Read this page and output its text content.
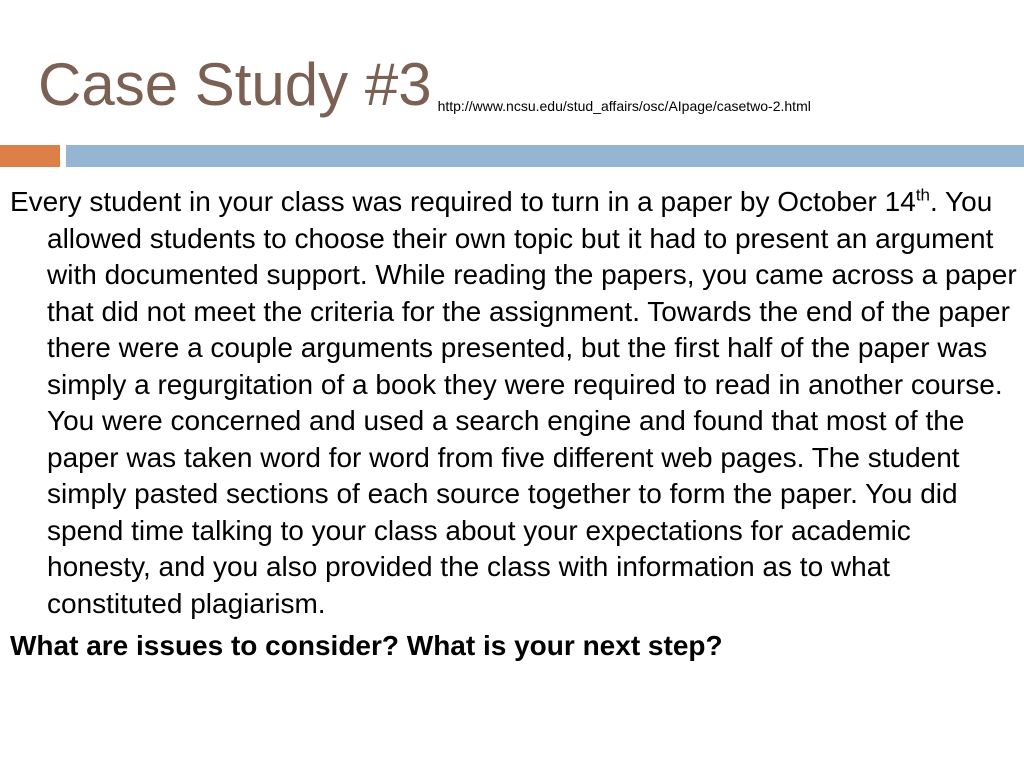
Case Study #3 http://www.ncsu.edu/stud_affairs/osc/AIpage/casetwo-2.html

Every student in your class was required to turn in a paper by October 14th. You allowed students to choose their own topic but it had to present an argument with documented support. While reading the papers, you came across a paper that did not meet the criteria for the assignment. Towards the end of the paper there were a couple arguments presented, but the first half of the paper was simply a regurgitation of a book they were required to read in another course. You were concerned and used a search engine and found that most of the paper was taken word for word from five different web pages. The student simply pasted sections of each source together to form the paper. You did spend time talking to your class about your expectations for academic honesty, and you also provided the class with information as to what constituted plagiarism.

What are issues to consider? What is your next step?
